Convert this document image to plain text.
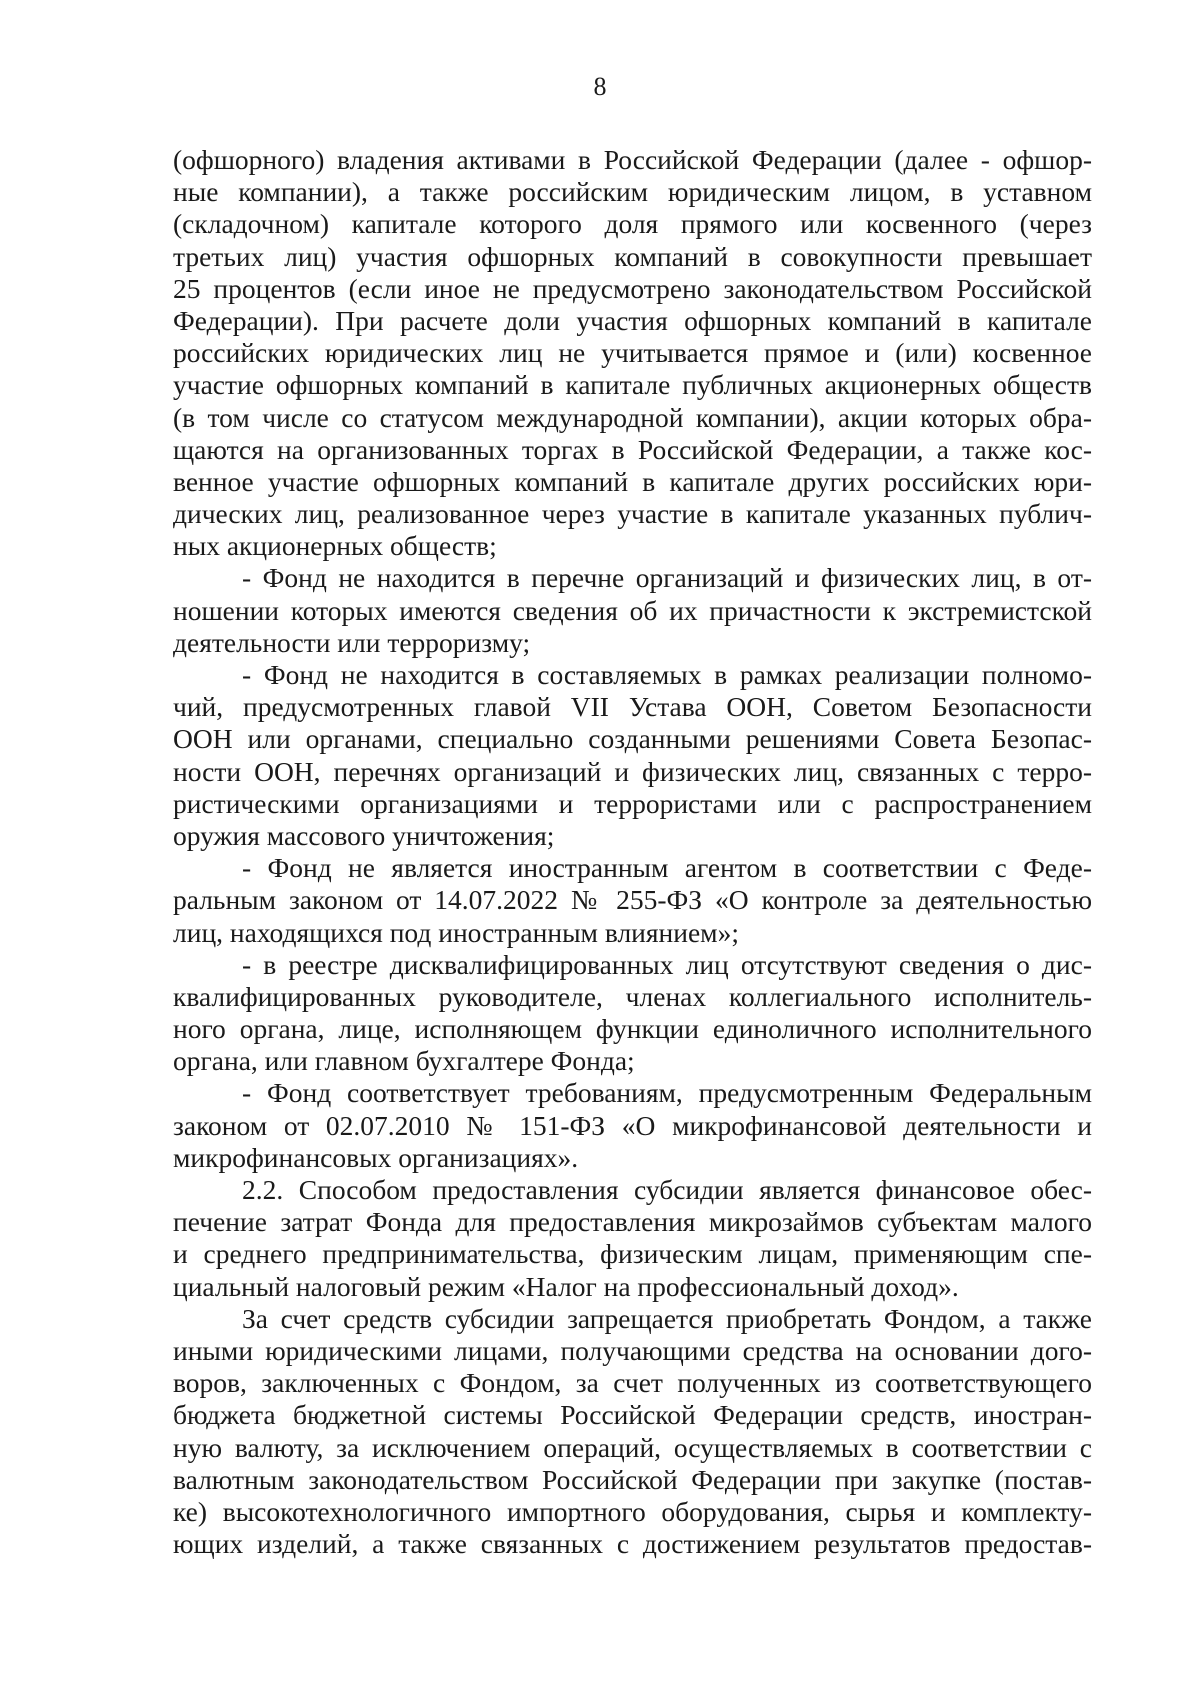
8
(офшорного) владения активами в Российской Федерации (далее - офшор-
ные компании), а также российским юридическим лицом, в уставном
(складочном) капитале которого доля прямого или косвенного (через
третьих лиц) участия офшорных компаний в совокупности превышает
25 процентов (если иное не предусмотрено законодательством Российской
Федерации). При расчете доли участия офшорных компаний в капитале
российских юридических лиц не учитывается прямое и (или) косвенное
участие офшорных компаний в капитале публичных акционерных обществ
(в том числе со статусом международной компании), акции которых обра-
щаются на организованных торгах в Российской Федерации, а также кос-
венное участие офшорных компаний в капитале других российских юри-
дических лиц, реализованное через участие в капитале указанных публич-
ных акционерных обществ;
- Фонд не находится в перечне организаций и физических лиц, в от-
ношении которых имеются сведения об их причастности к экстремистской
деятельности или терроризму;
- Фонд не находится в составляемых в рамках реализации полномо-
чий, предусмотренных главой VII Устава ООН, Советом Безопасности
ООН или органами, специально созданными решениями Совета Безопас-
ности ООН, перечнях организаций и физических лиц, связанных с терро-
ристическими организациями и террористами или с распространением
оружия массового уничтожения;
- Фонд не является иностранным агентом в соответствии с Феде-
ральным законом от 14.07.2022 № 255-ФЗ «О контроле за деятельностью
лиц, находящихся под иностранным влиянием»;
- в реестре дисквалифицированных лиц отсутствуют сведения о дис-
квалифицированных руководителе, членах коллегиального исполнитель-
ного органа, лице, исполняющем функции единоличного исполнительного
органа, или главном бухгалтере Фонда;
- Фонд соответствует требованиям, предусмотренным Федеральным
законом от 02.07.2010 № 151-ФЗ «О микрофинансовой деятельности и
микрофинансовых организациях».
2.2. Способом предоставления субсидии является финансовое обес-
печение затрат Фонда для предоставления микрозаймов субъектам малого
и среднего предпринимательства, физическим лицам, применяющим спе-
циальный налоговый режим «Налог на профессиональный доход».
За счет средств субсидии запрещается приобретать Фондом, а также
иными юридическими лицами, получающими средства на основании дого-
воров, заключенных с Фондом, за счет полученных из соответствующего
бюджета бюджетной системы Российской Федерации средств, иностран-
ную валюту, за исключением операций, осуществляемых в соответствии с
валютным законодательством Российской Федерации при закупке (постав-
ке) высокотехнологичного импортного оборудования, сырья и комплекту-
ющих изделий, а также связанных с достижением результатов предостав-
